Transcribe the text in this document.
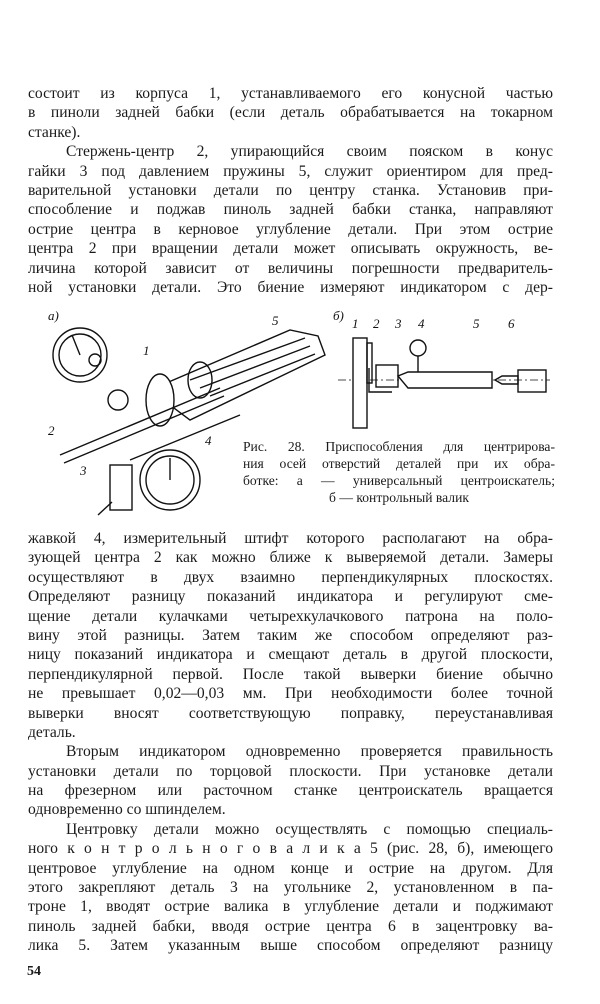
состоит из корпуса 1, устанавливаемого его конусной частью
в пиноли задней бабки (если деталь обрабатывается на токарном
станке).
Стержень-центр 2, упирающийся своим пояском в конус
гайки 3 под давлением пружины 5, служит ориентиром для пред-
варительной установки детали по центру станка. Установив при-
способление и поджав пиноль задней бабки станка, направляют
острие центра в керновое углубление детали. При этом острие
центра 2 при вращении детали может описывать окружность, ве-
личина которой зависит от величины погрешности предваритель-
ной установки детали. Это биение измеряют индикатором с дер-
а)
1
2
3
4
5	б)
1 2 3 4	5 6
Рис. 28. Приспособления для центрирова-
ния осей отверстий деталей при их обра-
ботке: а — универсальный центроискатель;
б — контрольный валик
жавкой 4, измерительный штифт которого располагают на обра-
зующей центра 2 как можно ближе к выверяемой детали. Замеры
осуществляют в двух взаимно перпендикулярных плоскостях.
Определяют разницу показаний индикатора и регулируют сме-
щение детали кулачками четырехкулачкового патрона на поло-
вину этой разницы. Затем таким же способом определяют раз-
ницу показаний индикатора и смещают деталь в другой плоскости,
перпендикулярной первой. После такой выверки биение обычно
не превышает 0,02—0,03 мм. При необходимости более точной
выверки вносят соответствующую поправку, переустанавливая
деталь.
Вторым индикатором одновременно проверяется правильность
установки детали по торцовой плоскости. При установке детали
на фрезерном или расточном станке центроискатель вращается
одновременно со шпинделем.
Центровку детали можно осуществлять с помощью специаль-
ного к о н т р о л ь н о г о в а л и к а 5 (рис. 28, б), имеющего
центровое углубление на одном конце и острие на другом. Для
этого закрепляют деталь 3 на угольнике 2, установленном в па-
троне 1, вводят острие валика в углубление детали и поджимают
пиноль задней бабки, вводя острие центра 6 в зацентровку ва-
лика 5. Затем указанным выше способом определяют разницу
54
